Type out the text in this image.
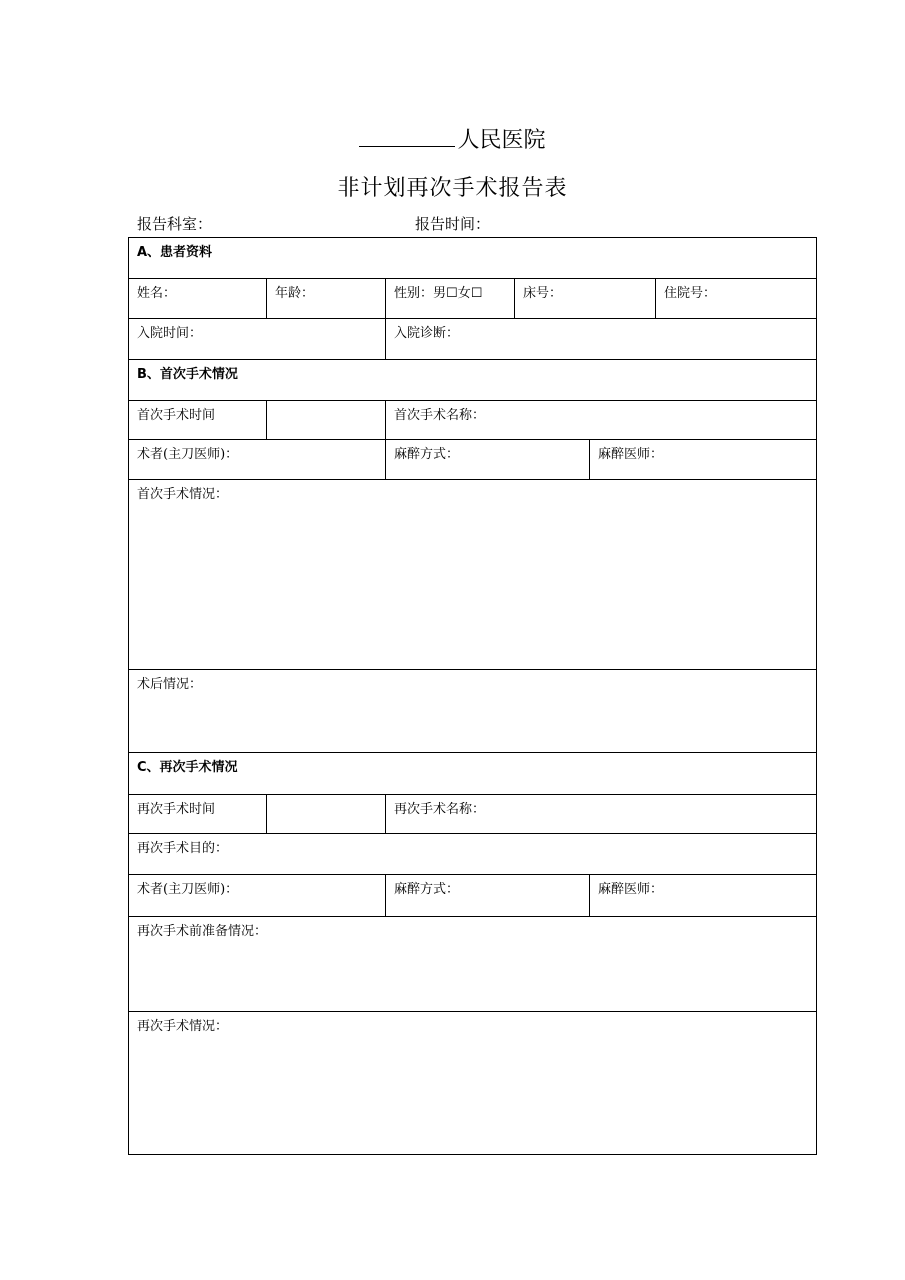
人民医院
非计划再次手术报告表
报告科室：	报告时间：
A、患者资料					
姓名：	年龄：	性别：男☐女☐	床号：		住院号：
入院时间：		入院诊断：			
B、首次手术情况					
首次手术时间		首次手术名称：			
术者(主刀医师)：		麻醉方式：		麻醉医师：	
首次手术情况：					
术后情况：					
C、再次手术情况					
再次手术时间		再次手术名称：			
再次手术目的：					
术者(主刀医师)：		麻醉方式：		麻醉医师：	
再次手术前准备情况：					
再次手术情况：					
